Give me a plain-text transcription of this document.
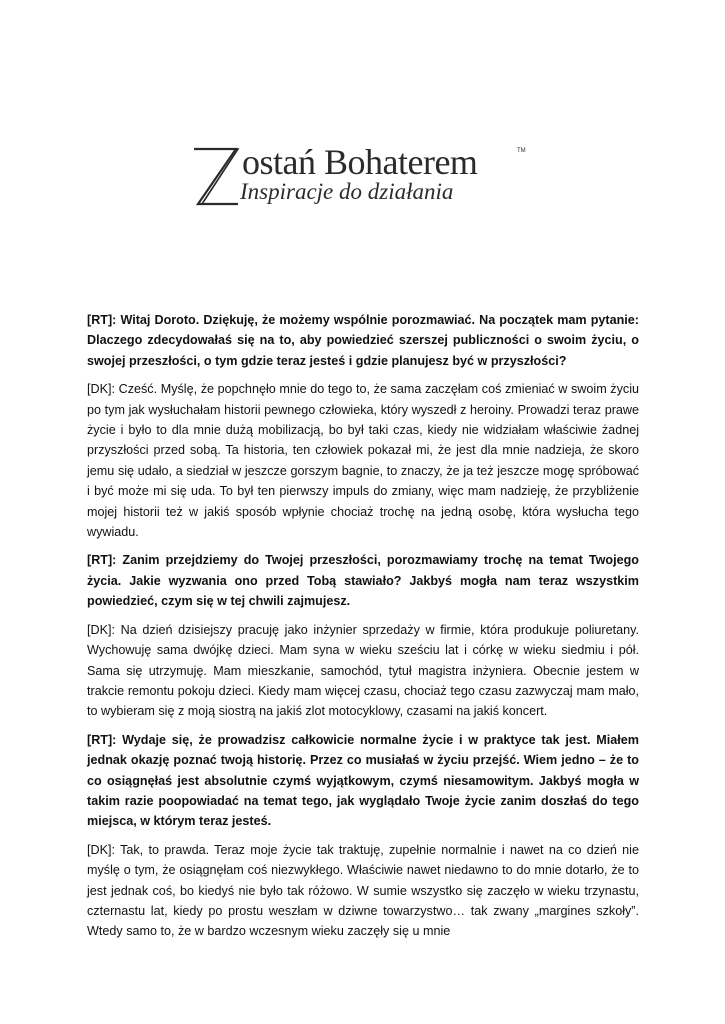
ostań Bohaterem	TM
Inspiracje do działania

[RT]: Witaj Doroto. Dziękuję, że możemy wspólnie porozmawiać. Na początek mam pytanie: Dlaczego zdecydowałaś się na to, aby powiedzieć szerszej publiczności o swoim życiu, o swojej przeszłości, o tym gdzie teraz jesteś i gdzie planujesz być w przyszłości?

[DK]: Cześć. Myślę, że popchnęło mnie do tego to, że sama zaczęłam coś zmieniać w swoim życiu po tym jak wysłuchałam historii pewnego człowieka, który wyszedł z heroiny. Prowadzi teraz prawe życie i było to dla mnie dużą mobilizacją, bo był taki czas, kiedy nie widziałam właściwie żadnej przyszłości przed sobą. Ta historia, ten człowiek pokazał mi, że jest dla mnie nadzieja, że skoro jemu się udało, a siedział w jeszcze gorszym bagnie, to znaczy, że ja też jeszcze mogę spróbować i być może mi się uda. To był ten pierwszy impuls do zmiany, więc mam nadzieję, że przybliżenie mojej historii też w jakiś sposób wpłynie chociaż trochę na jedną osobę, która wysłucha tego wywiadu.

[RT]: Zanim przejdziemy do Twojej przeszłości, porozmawiamy trochę na temat Twojego życia. Jakie wyzwania ono przed Tobą stawiało? Jakbyś mogła nam teraz wszystkim powiedzieć, czym się w tej chwili zajmujesz.

[DK]: Na dzień dzisiejszy pracuję jako inżynier sprzedaży w firmie, która produkuje poliuretany. Wychowuję sama dwójkę dzieci. Mam syna w wieku sześciu lat i córkę w wieku siedmiu i pół. Sama się utrzymuję. Mam mieszkanie, samochód, tytuł magistra inżyniera. Obecnie jestem w trakcie remontu pokoju dzieci. Kiedy mam więcej czasu, chociaż tego czasu zazwyczaj mam mało, to wybieram się z moją siostrą na jakiś zlot motocyklowy, czasami na jakiś koncert.

[RT]: Wydaje się, że prowadzisz całkowicie normalne życie i w praktyce tak jest. Miałem jednak okazję poznać twoją historię. Przez co musiałaś w życiu przejść. Wiem jedno – że to co osiągnęłaś jest absolutnie czymś wyjątkowym, czymś niesamowitym. Jakbyś mogła w takim razie poopowiadać na temat tego, jak wyglądało Twoje życie zanim doszłaś do tego miejsca, w którym teraz jesteś.

[DK]: Tak, to prawda. Teraz moje życie tak traktuję, zupełnie normalnie i nawet na co dzień nie myślę o tym, że osiągnęłam coś niezwykłego. Właściwie nawet niedawno to do mnie dotarło, że to jest jednak coś, bo kiedyś nie było tak różowo. W sumie wszystko się zaczęło w wieku trzynastu, czternastu lat, kiedy po prostu weszłam w dziwne towarzystwo… tak zwany „margines szkoły”. Wtedy samo to, że w bardzo wczesnym wieku zaczęły się u mnie
